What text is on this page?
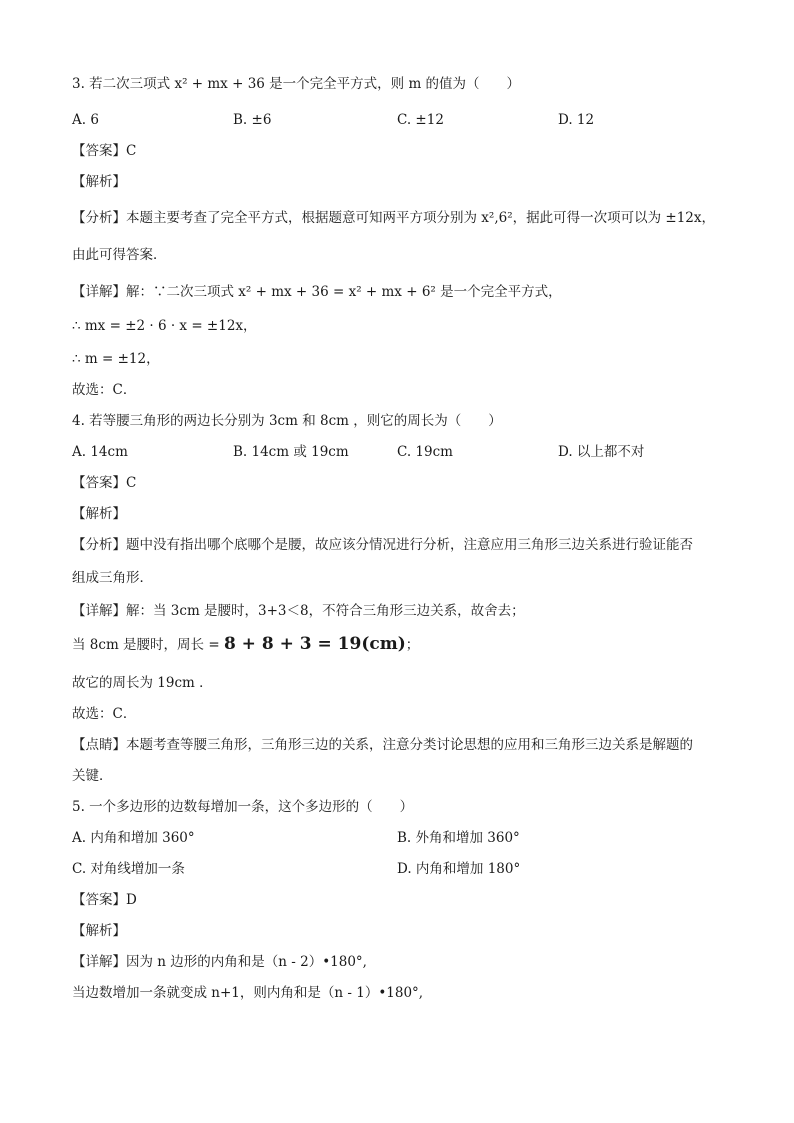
3. 若二次三项式 x² + mx + 36 是一个完全平方式，则 m 的值为（　　）
A. 6	B. ±6	C. ±12	D. 12
【答案】C
【解析】
【分析】本题主要考查了完全平方式，根据题意可知两平方项分别为 x²,6²，据此可得一次项可以为 ±12x，
由此可得答案．
【详解】解：∵二次三项式 x² + mx + 36 = x² + mx + 6² 是一个完全平方式，
∴ mx = ±2 · 6 · x = ±12x，
∴ m = ±12，
故选：C．
4. 若等腰三角形的两边长分别为 3cm 和 8cm ，则它的周长为（　　）
A. 14cm	B. 14cm 或 19cm	C. 19cm	D. 以上都不对
【答案】C
【解析】
【分析】题中没有指出哪个底哪个是腰，故应该分情况进行分析，注意应用三角形三边关系进行验证能否
组成三角形．
【详解】解：当 3cm 是腰时，3+3＜8，不符合三角形三边关系，故舍去；
当 8cm 是腰时，周长 = 8 + 8 + 3 = 19(cm)；
故它的周长为 19cm ．
故选：C．
【点睛】本题考查等腰三角形，三角形三边的关系，注意分类讨论思想的应用和三角形三边关系是解题的
关键．
5. 一个多边形的边数每增加一条，这个多边形的（　　）
A. 内角和增加 360°	B. 外角和增加 360°
C. 对角线增加一条	D. 内角和增加 180°
【答案】D
【解析】
【详解】因为 n 边形的内角和是（n - 2）•180°,
当边数增加一条就变成 n+1，则内角和是（n - 1）•180°,
